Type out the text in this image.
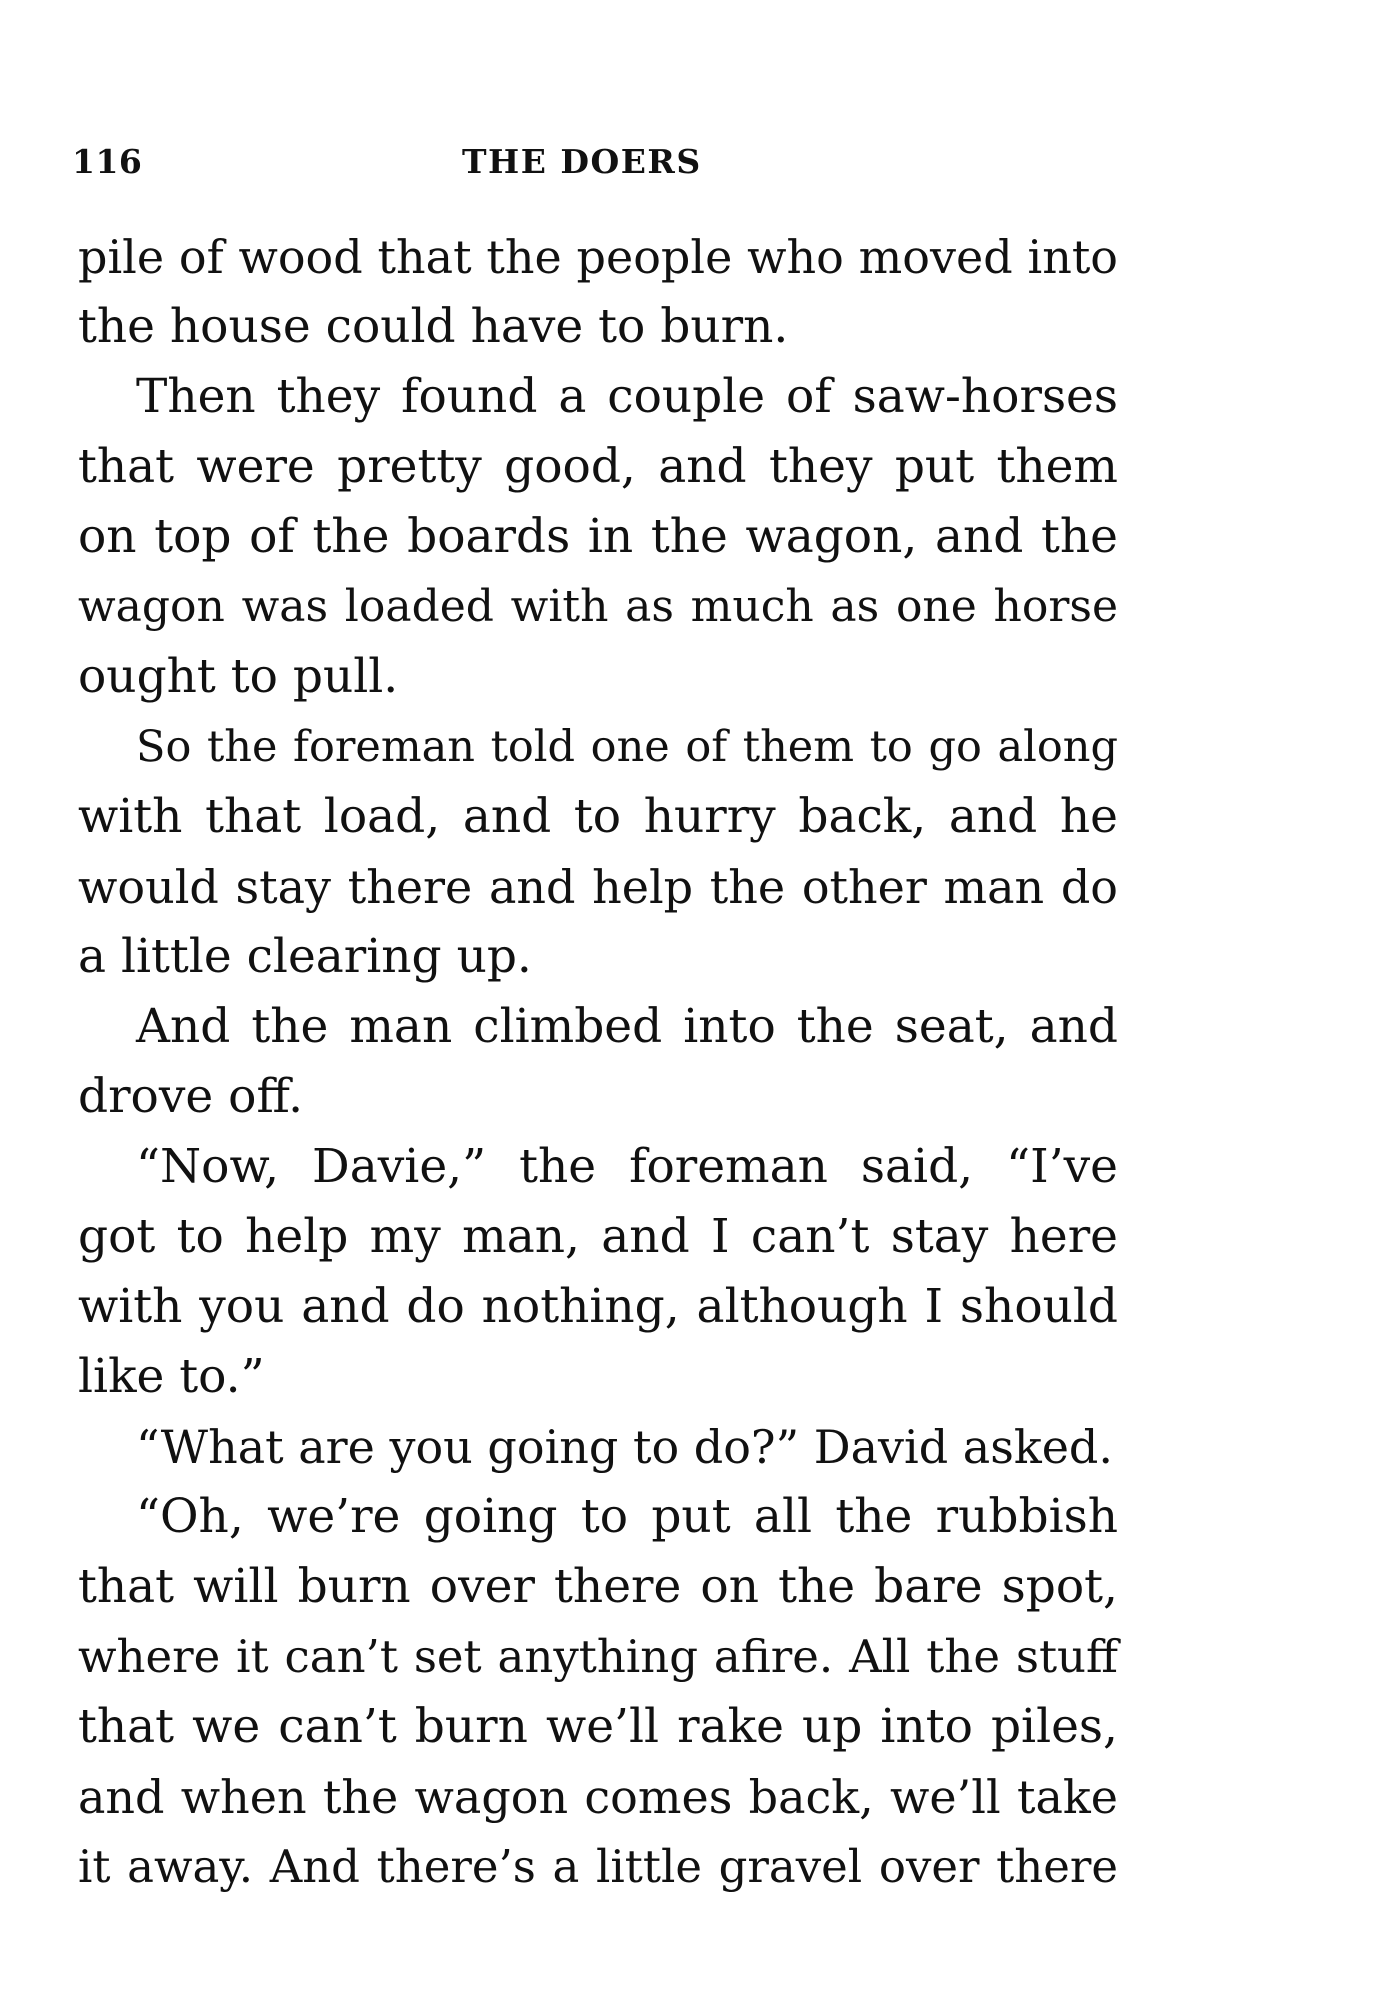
116	THE DOERS
pile of wood that the people who moved into
the house could have to burn.
Then they found a couple of saw-horses
that were pretty good, and they put them
on top of the boards in the wagon, and the
wagon was loaded with as much as one horse
ought to pull.
So the foreman told one of them to go along
with that load, and to hurry back, and he
would stay there and help the other man do
a little clearing up.
And the man climbed into the seat, and
drove off.
“Now, Davie,” the foreman said, “I’ve
got to help my man, and I can’t stay here
with you and do nothing, although I should
like to.”
“What are you going to do?” David asked.
“Oh, we’re going to put all the rubbish
that will burn over there on the bare spot,
where it can’t set anything afire. All the stuff
that we can’t burn we’ll rake up into piles,
and when the wagon comes back, we’ll take
it away. And there’s a little gravel over there
